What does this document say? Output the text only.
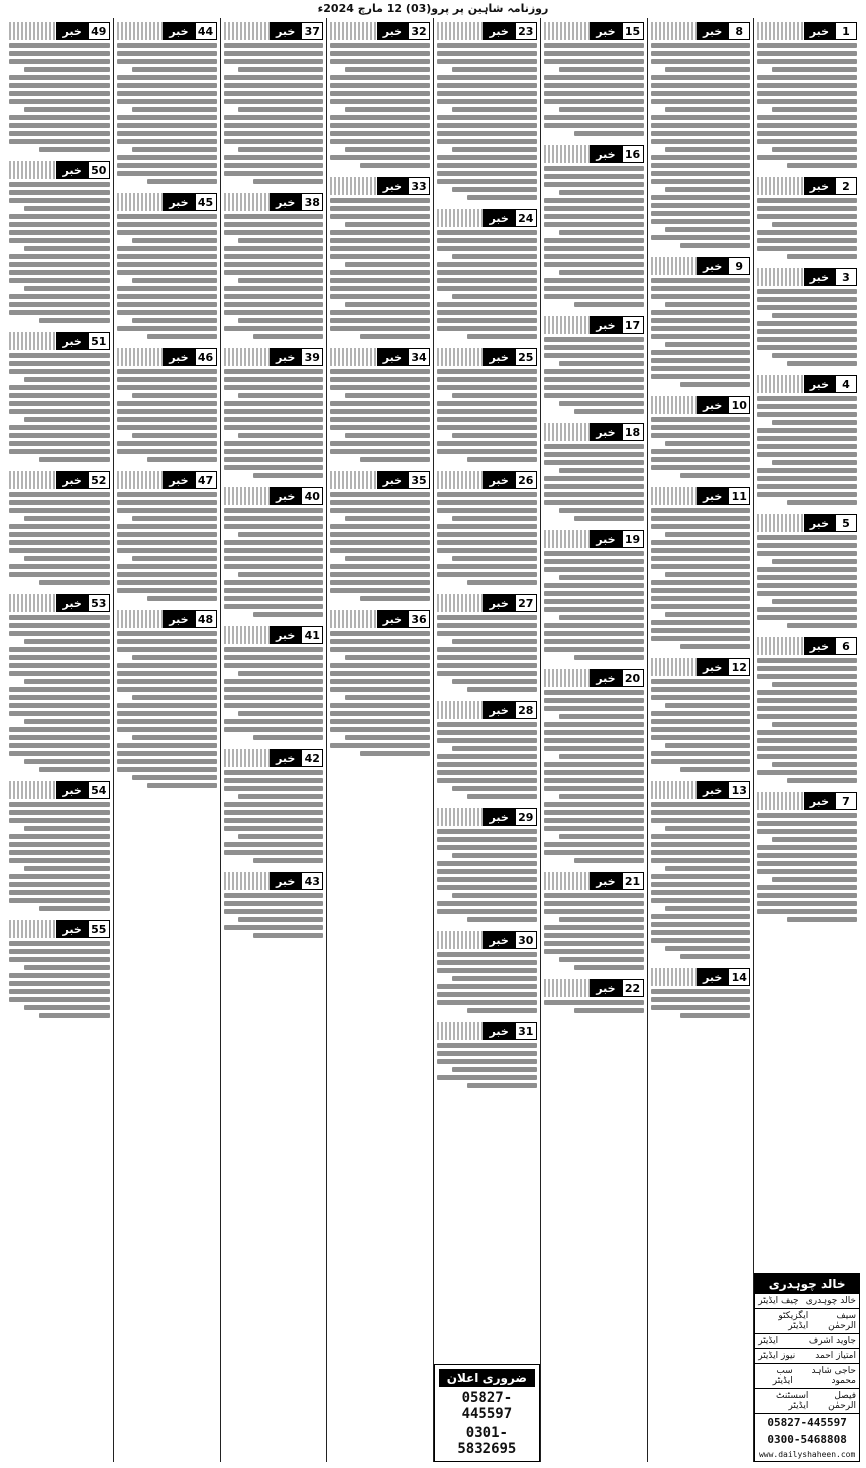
روزنامہ شاہین پر پرو(03) 12 مارچ 2024ء
1
خبر
2
خبر
3
خبر
4
خبر
5
خبر
6
خبر
7
خبر
خالد چوہدری
چیف ایڈیٹر خالد چوہدری
ایگزیکٹو ایڈیٹر
سیف الرحمٰن
ایڈیٹر	جاوید اشرف
نیوز ایڈیٹر امتیاز احمد
سب ایڈیٹر
حاجی شاہد محمود
اسسٹنٹ ایڈیٹر
فیصل الرحمٰن
05827-445597
0300-5468808
www.dailyshaheen.com
8
خبر
9
خبر
10
خبر
11
خبر
12
خبر
13
خبر
14
خبر
15
خبر
16
خبر
17
خبر
18
خبر
19
خبر
20
خبر
21
خبر
22
خبر
23
خبر
24
خبر
25
خبر
26
خبر
27
خبر
28
خبر
29
خبر
30
خبر
31
خبر
ضروری اعلان
05827-445597
0301-5832695
32
خبر
33
خبر
34
خبر
35
خبر
36
خبر
37
خبر
38
خبر
39
خبر
40
خبر
41
خبر
42
خبر
43
خبر
44
خبر
45
خبر
46
خبر
47
خبر
48
خبر
49
خبر
50
خبر
51
خبر
52
خبر
53
خبر
54
خبر
55
خبر
